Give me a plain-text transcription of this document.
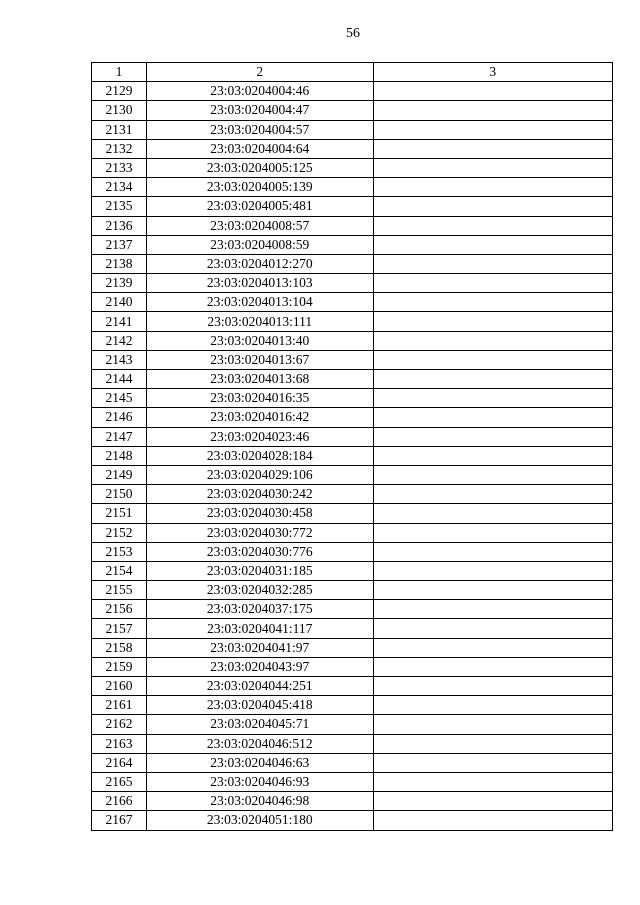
56
1	2	3
2129	23:03:0204004:46	
2130	23:03:0204004:47	
2131	23:03:0204004:57	
2132	23:03:0204004:64	
2133	23:03:0204005:125	
2134	23:03:0204005:139	
2135	23:03:0204005:481	
2136	23:03:0204008:57	
2137	23:03:0204008:59	
2138	23:03:0204012:270	
2139	23:03:0204013:103	
2140	23:03:0204013:104	
2141	23:03:0204013:111	
2142	23:03:0204013:40	
2143	23:03:0204013:67	
2144	23:03:0204013:68	
2145	23:03:0204016:35	
2146	23:03:0204016:42	
2147	23:03:0204023:46	
2148	23:03:0204028:184	
2149	23:03:0204029:106	
2150	23:03:0204030:242	
2151	23:03:0204030:458	
2152	23:03:0204030:772	
2153	23:03:0204030:776	
2154	23:03:0204031:185	
2155	23:03:0204032:285	
2156	23:03:0204037:175	
2157	23:03:0204041:117	
2158	23:03:0204041:97	
2159	23:03:0204043:97	
2160	23:03:0204044:251	
2161	23:03:0204045:418	
2162	23:03:0204045:71	
2163	23:03:0204046:512	
2164	23:03:0204046:63	
2165	23:03:0204046:93	
2166	23:03:0204046:98	
2167	23:03:0204051:180	
